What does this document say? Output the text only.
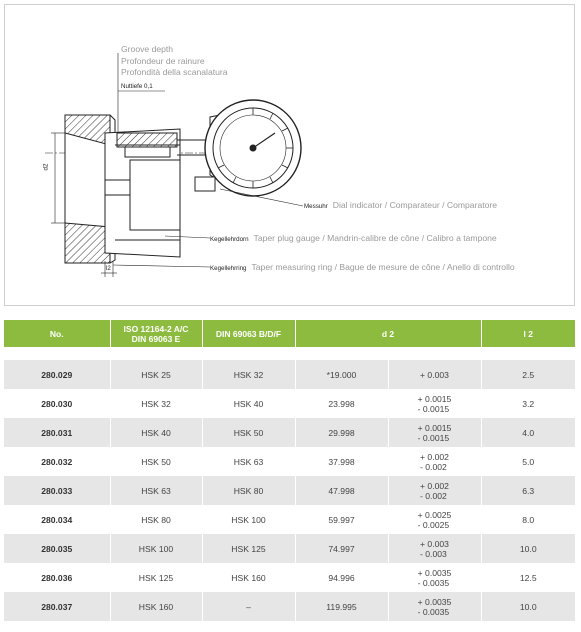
Groove depth
Profondeur de rainure
Profondità della scanalatura
Nuttiefe 0,1
d2
l2
Messuhr Dial indicator / Comparateur / Comparatore
Kegellehrdorn Taper plug gauge / Mandrin-calibre de cône / Calibro a tampone
Kegellehrring Taper measuring ring / Bague de mesure de cône / Anello di controllo
No.	ISO 12164-2 A/C
DIN 69063 E	DIN 69063 B/D/F	d 2		l 2

280.029	HSK 25	HSK 32	*19.000	+ 0.003	2.5
280.030	HSK 32	HSK 40	23.998	+ 0.0015
- 0.0015	3.2
280.031	HSK 40	HSK 50	29.998	+ 0.0015
- 0.0015	4.0
280.032	HSK 50	HSK 63	37.998	+ 0.002
- 0.002	5.0
280.033	HSK 63	HSK 80	47.998	+ 0.002
- 0.002	6.3
280.034	HSK 80	HSK 100	59.997	+ 0.0025
- 0.0025	8.0
280.035	HSK 100	HSK 125	74.997	+ 0.003
- 0.003	10.0
280.036	HSK 125	HSK 160	94.996	+ 0.0035
- 0.0035	12.5
280.037	HSK 160	–	119.995	+ 0.0035
- 0.0035	10.0
